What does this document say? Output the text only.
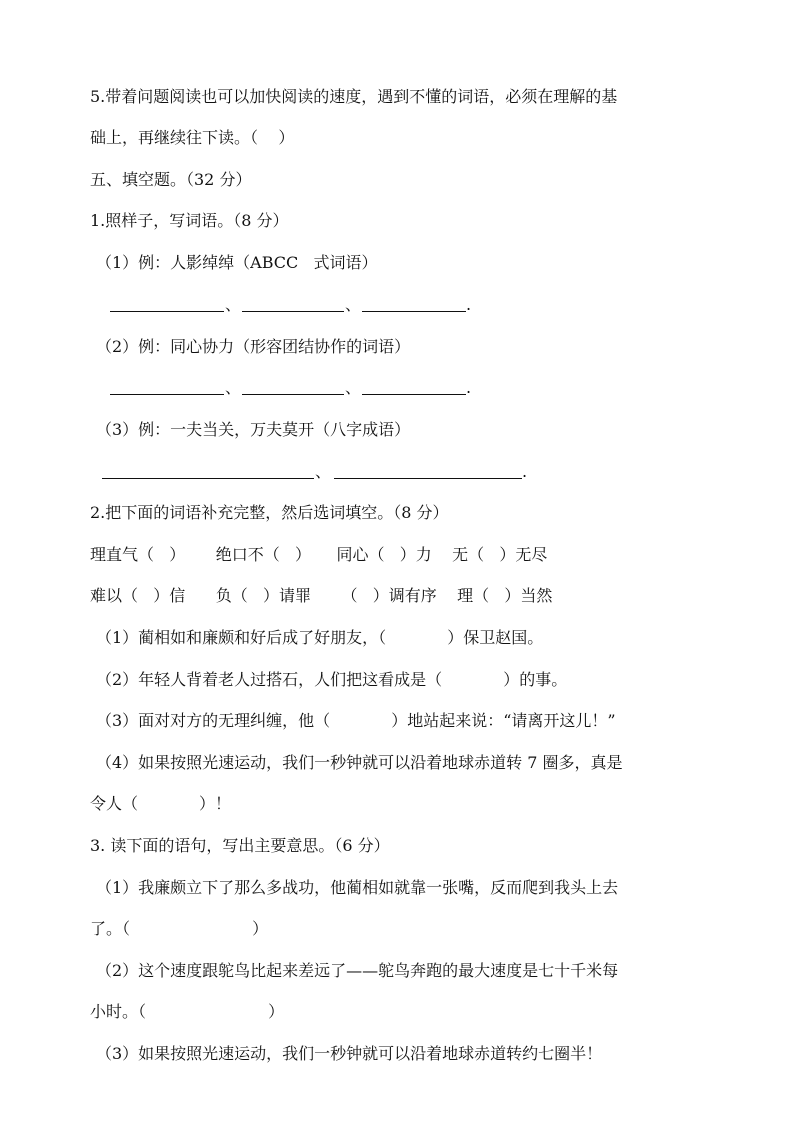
5.带着问题阅读也可以加快阅读的速度，遇到不懂的词语，必须在理解的基
础上，再继续往下读。（    ）
五、填空题。（32 分）
1.照样子，写词语。（8 分）
（1）例：人影绰绰（ABCC   式词语）
、	、	.
（2）例：同心协力（形容团结协作的词语）
、	、	.
（3）例：一夫当关，万夫莫开（八字成语）
、	.
2.把下面的词语补充完整，然后选词填空。（8 分）
理直气（   ）      绝口不（   ）     同心（   ）力    无（   ）无尽
难以（   ）信      负（   ）请罪      （   ）调有序    理（   ）当然
（1）蔺相如和廉颇和好后成了好朋友，（            ）保卫赵国。
（2）年轻人背着老人过搭石，人们把这看成是（            ）的事。
（3）面对对方的无理纠缠，他（            ）地站起来说：“请离开这儿！”
（4）如果按照光速运动，我们一秒钟就可以沿着地球赤道转 7 圈多，真是
令人（            ）！
3. 读下面的语句，写出主要意思。（6 分）
（1）我廉颇立下了那么多战功，他蔺相如就靠一张嘴，反而爬到我头上去
了。（                        ）
（2）这个速度跟鸵鸟比起来差远了——鸵鸟奔跑的最大速度是七十千米每
小时。（                        ）
（3）如果按照光速运动，我们一秒钟就可以沿着地球赤道转约七圈半！
